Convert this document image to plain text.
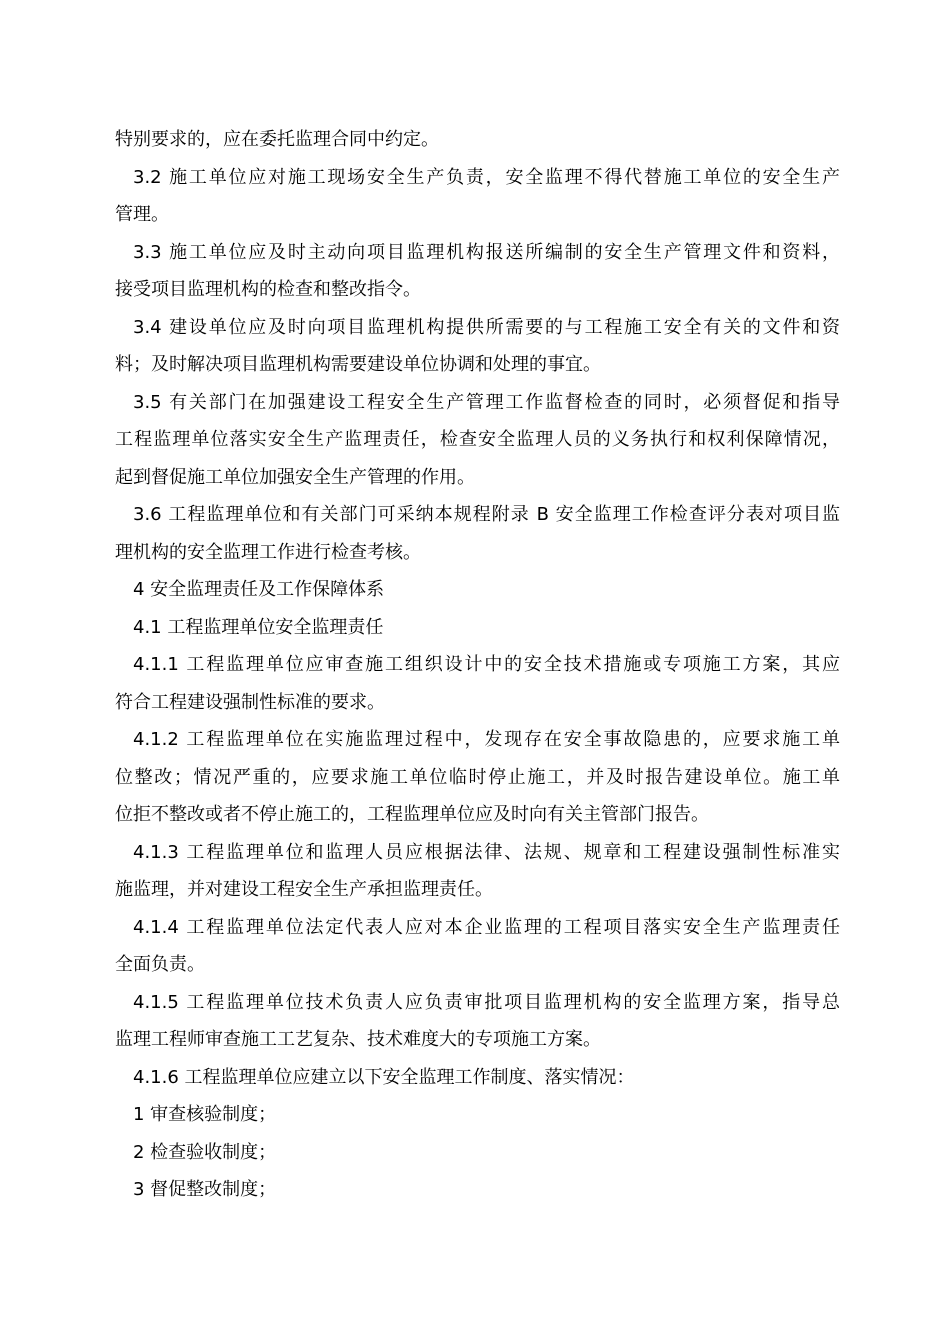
特别要求的，应在委托监理合同中约定。
3.2 施工单位应对施工现场安全生产负责，安全监理不得代替施工单位的安全生产
管理。
3.3 施工单位应及时主动向项目监理机构报送所编制的安全生产管理文件和资料，
接受项目监理机构的检查和整改指令。
3.4 建设单位应及时向项目监理机构提供所需要的与工程施工安全有关的文件和资
料；及时解决项目监理机构需要建设单位协调和处理的事宜。
3.5 有关部门在加强建设工程安全生产管理工作监督检查的同时，必须督促和指导
工程监理单位落实安全生产监理责任，检查安全监理人员的义务执行和权利保障情况，
起到督促施工单位加强安全生产管理的作用。
3.6 工程监理单位和有关部门可采纳本规程附录 B 安全监理工作检查评分表对项目监
理机构的安全监理工作进行检查考核。
4 安全监理责任及工作保障体系
4.1 工程监理单位安全监理责任
4.1.1 工程监理单位应审查施工组织设计中的安全技术措施或专项施工方案，其应
符合工程建设强制性标准的要求。
4.1.2 工程监理单位在实施监理过程中，发现存在安全事故隐患的，应要求施工单
位整改；情况严重的，应要求施工单位临时停止施工，并及时报告建设单位。施工单
位拒不整改或者不停止施工的，工程监理单位应及时向有关主管部门报告。
4.1.3 工程监理单位和监理人员应根据法律、法规、规章和工程建设强制性标准实
施监理，并对建设工程安全生产承担监理责任。
4.1.4 工程监理单位法定代表人应对本企业监理的工程项目落实安全生产监理责任
全面负责。
4.1.5 工程监理单位技术负责人应负责审批项目监理机构的安全监理方案，指导总
监理工程师审查施工工艺复杂、技术难度大的专项施工方案。
4.1.6 工程监理单位应建立以下安全监理工作制度、落实情况：
1 审查核验制度；
2 检查验收制度；
3 督促整改制度；
